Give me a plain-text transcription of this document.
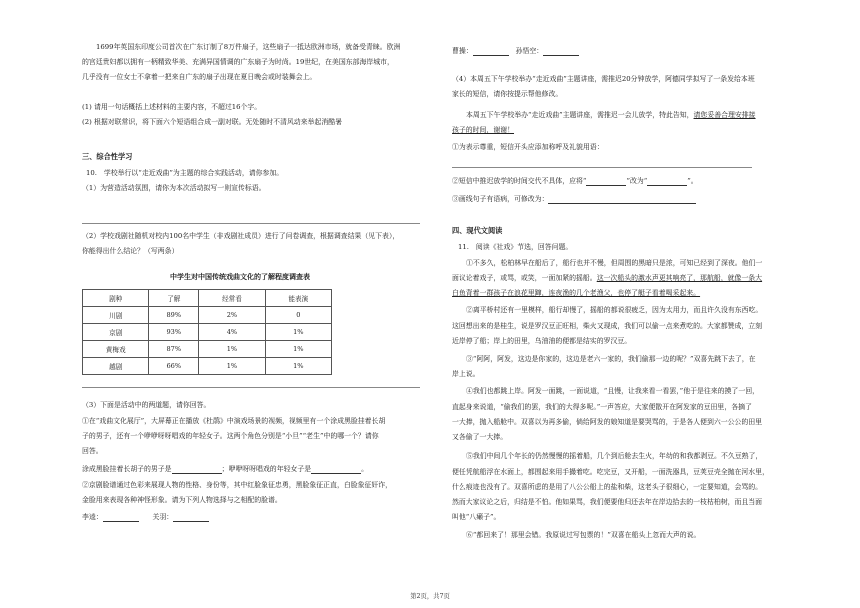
1699年英国东印度公司首次在广东订制了8万件扇子，这些扇子一抵达欧洲市场，就备受青睐。欧洲
的宫廷贵妇都以拥有一柄精致华美、充满异国情调的广东扇子为时尚。19世纪，在美国东部海岸城市，
几乎没有一位女士不拿着一把来自广东的扇子出现在夏日晚会或时装舞会上。
(1) 请用一句话概括上述材料的主要内容，不超过16个字。
(2) 根据对联常识，将下面六个短语组合成一副对联。无处随时不清风动来举起消酷暑
三、综合性学习
10.　学校举行以“走近戏曲”为主题的综合实践活动，请你参加。
（1）为营造活动氛围，请你为本次活动拟写一则宣传标语。
（2）学校戏剧社随机对校内100名中学生（非戏剧社成员）进行了问卷调查，根据调查结果（见下表），
你能得出什么结论？（写两条）
中学生对中国传统戏曲文化的了解程度调查表
剧种	了解	经常看	能表演
川剧	89%	2%	0
京剧	93%	4%	1%
黄梅戏	87%	1%	1%
越剧	66%	1%	1%
（3）下面是活动中的两道题，请你回答。
①在“戏曲文化展厅”，大屏幕正在播放《杜鹃》中演戏场景的视频，视频里有一个涂成黑脸挂着长胡
子的男子，还有一个咿咿呀呀唱戏的年轻女子。这两个角色分别是“小旦”“老生”中的哪一个？请你
回答。
涂成黑脸挂着长胡子的男子是	；咿咿呀呀唱戏的年轻女子是	。
②京剧脸谱通过色彩来展现人物的性格、身份等，其中红脸象征忠勇，黑脸象征正直，白脸象征奸诈，
金脸用来表现各种神怪形象。请为下列人物选择与之相配的脸谱。
李逵：　　	关羽：
曹操：　	孙悟空：
（4）本周五下午学校举办“走近戏曲”主题讲座，需推迟20分钟放学，阿德同学拟写了一条发给本班
家长的短信，请你按提示帮他修改。
本周五下午学校举办“走近戏曲”主题讲座，需推迟一会儿放学，特此告知，请您妥善合理安排接
孩子的时间，谢谢！
①为表示尊重，短信开头应添加称呼及礼貌用语：
②短信中推迟放学的时间交代不具体，应将“	”改为“	”。
③画线句子有语病，可修改为：
四、现代文阅读
11.　阅读《社戏》节选，回答问题。
①不多久，松柏林早在船后了，船行也并不慢，但周围的黑暗只是浓，可知已经到了深夜。他们一
面议论着戏子，或骂，或笑，一面加紧的摇船。这一次船头的激水声更其响亮了，那航船，就像一条大
白鱼背着一群孩子在浪花里蹿，连夜渔的几个老渔父，也停了艇子看着喝采起来。
②离平桥村还有一里模样，船行却慢了，摇船的都说很疲乏，因为太用力，而且许久没有东西吃。
这回想出来的是桂生，说是罗汉豆正旺相，柴火又现成，我们可以偷一点来煮吃的。大家都赞成，立刻
近岸停了船；岸上的田里，乌油油的便都是结实的罗汉豆。
③“阿阿，阿发，这边是你家的，这边是老六一家的，我们偷那一边的呢？”双喜先跳下去了，在
岸上说。
④我们也都跳上岸。阿发一面跳，一面说道，“且慢，让我来看一看罢，”他于是往来的摸了一回，
直起身来说道，“偷我们的罢，我们的大得多呢。”一声答应，大家便散开在阿发家的豆田里，各摘了
一大捧，抛入船舱中。双喜以为再多偷，倘给阿发的娘知道是要哭骂的，于是各人便到六一公公的田里
又各偷了一大捧。
⑤我们中间几个年长的仍然慢慢的摇着船，几个到后舱去生火，年幼的和我都剥豆。不久豆熟了，
便任凭航船浮在水面上，都围起来用手撮着吃。吃完豆，又开船，一面洗器具，豆荚豆壳全抛在河水里，
什么痕迹也没有了。双喜所虑的是用了八公公船上的盐和柴，这老头子很细心，一定要知道，会骂的。
然而大家议论之后，归结是不怕。他如果骂，我们便要他归还去年在岸边拾去的一枝枯桕树，而且当面
叫他“八癞子”。
⑥“都回来了！那里会错。我原说过写包票的！”双喜在船头上忽而大声的说。
第2页，共7页
